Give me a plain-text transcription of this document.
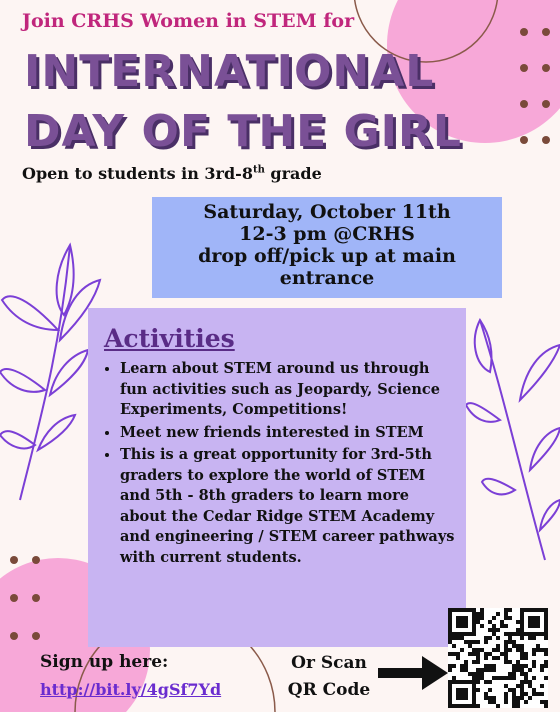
Join CRHS Women in STEM for
INTERNATIONAL
DAY OF THE GIRL
Open to students in 3rd-8th grade
Saturday, October 11th
12-3 pm @CRHS
drop off/pick up at main
entrance
Activities
• Learn about STEM around us through fun activities such as Jeopardy, Science Experiments, Competitions!
• Meet new friends interested in STEM
• This is a great opportunity for 3rd-5th graders to explore the world of STEM and 5th - 8th graders to learn more about the Cedar Ridge STEM Academy and engineering / STEM career pathways with current students.
Sign up here:
http://bit.ly/4gSf7Yd
Or Scan
QR Code
